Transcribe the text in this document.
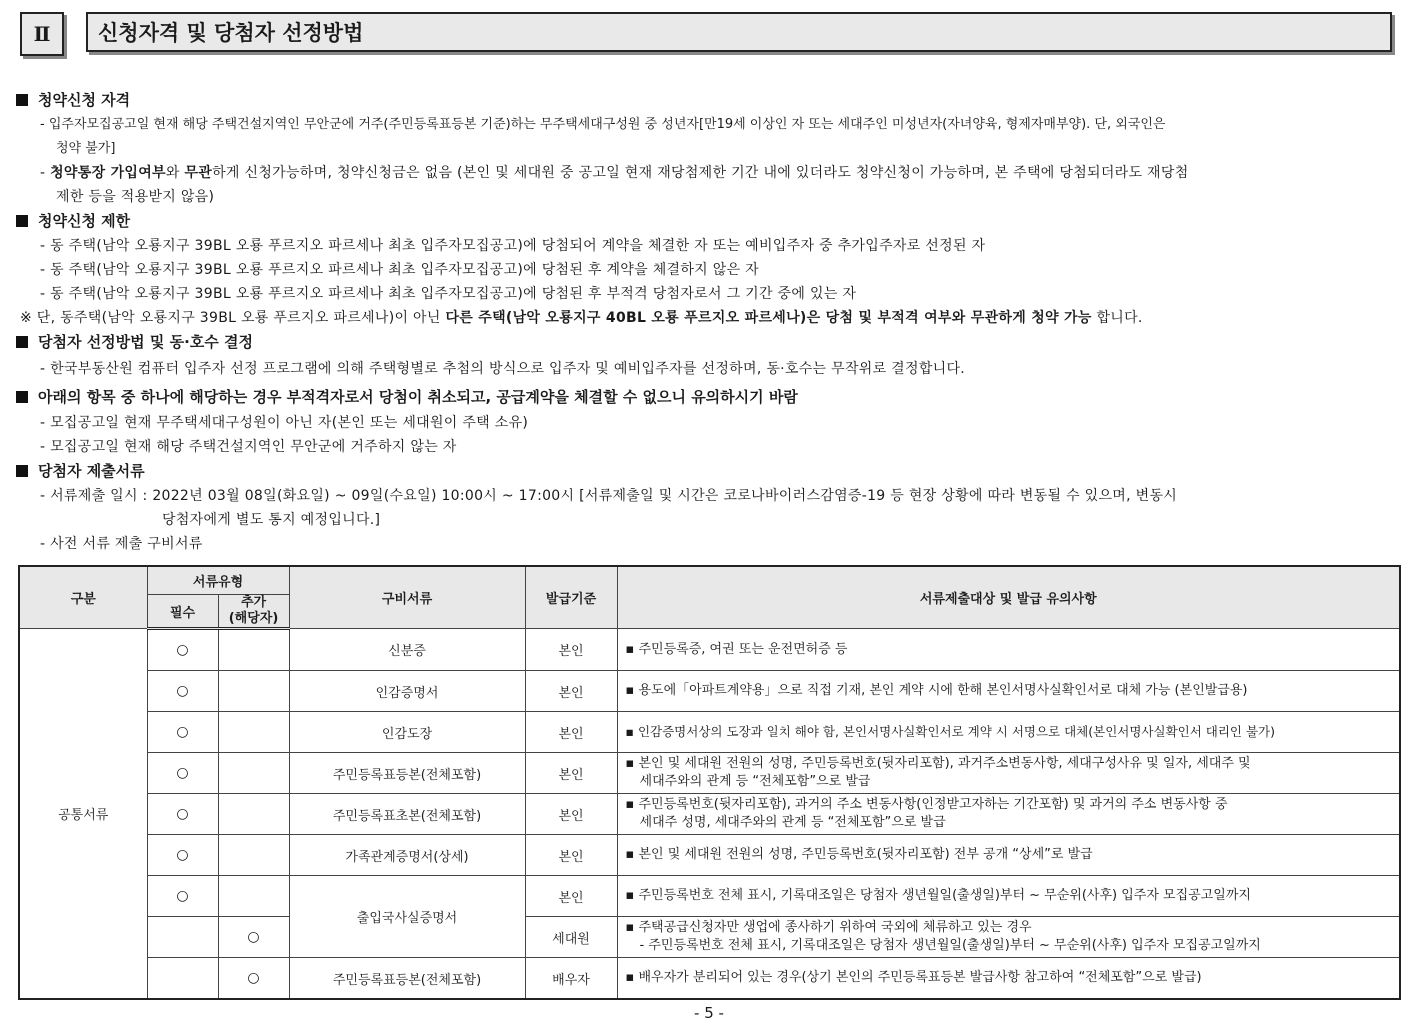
Ⅱ	신청자격 및 당첨자 선정방법
청약신청 자격
- 입주자모집공고일 현재 해당 주택건설지역인 무안군에 거주(주민등록표등본 기준)하는 무주택세대구성원 중 성년자[만19세 이상인 자 또는 세대주인 미성년자(자녀양육, 형제자매부양). 단, 외국인은
청약 불가]
- 청약통장 가입여부와 무관하게 신청가능하며, 청약신청금은 없음 (본인 및 세대원 중 공고일 현재 재당첨제한 기간 내에 있더라도 청약신청이 가능하며, 본 주택에 당첨되더라도 재당첨
제한 등을 적용받지 않음)
청약신청 제한
- 동 주택(남악 오룡지구 39BL 오룡 푸르지오 파르세나 최초 입주자모집공고)에 당첨되어 계약을 체결한 자 또는 예비입주자 중 추가입주자로 선정된 자
- 동 주택(남악 오룡지구 39BL 오룡 푸르지오 파르세나 최초 입주자모집공고)에 당첨된 후 계약을 체결하지 않은 자
- 동 주택(남악 오룡지구 39BL 오룡 푸르지오 파르세나 최초 입주자모집공고)에 당첨된 후 부적격 당첨자로서 그 기간 중에 있는 자
※ 단, 동주택(남악 오룡지구 39BL 오룡 푸르지오 파르세나)이 아닌 다른 주택(남악 오룡지구 40BL 오룡 푸르지오 파르세나)은 당첨 및 부적격 여부와 무관하게 청약 가능 합니다.
당첨자 선정방법 및 동·호수 결정
- 한국부동산원 컴퓨터 입주자 선정 프로그램에 의해 주택형별로 추첨의 방식으로 입주자 및 예비입주자를 선정하며, 동·호수는 무작위로 결정합니다.
아래의 항목 중 하나에 해당하는 경우 부적격자로서 당첨이 취소되고, 공급계약을 체결할 수 없으니 유의하시기 바람
- 모집공고일 현재 무주택세대구성원이 아닌 자(본인 또는 세대원이 주택 소유)
- 모집공고일 현재 해당 주택건설지역인 무안군에 거주하지 않는 자
당첨자 제출서류
- 서류제출 일시 : 2022년 03월 08일(화요일) ~ 09일(수요일) 10:00시 ~ 17:00시 [서류제출일 및 시간은 코로나바이러스감염증-19 등 현장 상황에 따라 변동될 수 있으며, 변동시
당첨자에게 별도 통지 예정입니다.]
- 사전 서류 제출 구비서류
구분	서류유형		구비서류	발급기준	서류제출대상 및 발급 유의사항
	필수	추가
(해당자)			
공통서류	○		신분증	본인	▪ 주민등록증, 여권 또는 운전면허증 등
	○		인감증명서	본인	▪ 용도에「아파트계약용」으로 직접 기재, 본인 계약 시에 한해 본인서명사실확인서로 대체 가능 (본인발급용)
	○		인감도장	본인	▪ 인감증명서상의 도장과 일치 해야 함, 본인서명사실확인서로 계약 시 서명으로 대체(본인서명사실확인서 대리인 불가)
	○		주민등록표등본(전체포함)	본인	▪ 본인 및 세대원 전원의 성명, 주민등록번호(뒷자리포함), 과거주소변동사항, 세대구성사유 및 일자, 세대주 및
세대주와의 관계 등 “전체포함”으로 발급

	○		주민등록표초본(전체포함)	본인	▪ 주민등록번호(뒷자리포함), 과거의 주소 변동사항(인정받고자하는 기간포함) 및 과거의 주소 변동사항 중
세대주 성명, 세대주와의 관계 등 “전체포함”으로 발급

	○		가족관계증명서(상세)	본인	▪ 본인 및 세대원 전원의 성명, 주민등록번호(뒷자리포함) 전부 공개 “상세”로 발급
	○		출입국사실증명서	본인	▪ 주민등록번호 전체 표시, 기록대조일은 당첨자 생년월일(출생일)부터 ~ 무순위(사후) 입주자 모집공고일까지
		○		세대원	▪ 주택공급신청자만 생업에 종사하기 위하여 국외에 체류하고 있는 경우
- 주민등록번호 전체 표시, 기록대조일은 당첨자 생년월일(출생일)부터 ~ 무순위(사후) 입주자 모집공고일까지

		○	주민등록표등본(전체포함)	배우자	▪ 배우자가 분리되어 있는 경우(상기 본인의 주민등록표등본 발급사항 참고하여 “전체포함”으로 발급)
- 5 -
